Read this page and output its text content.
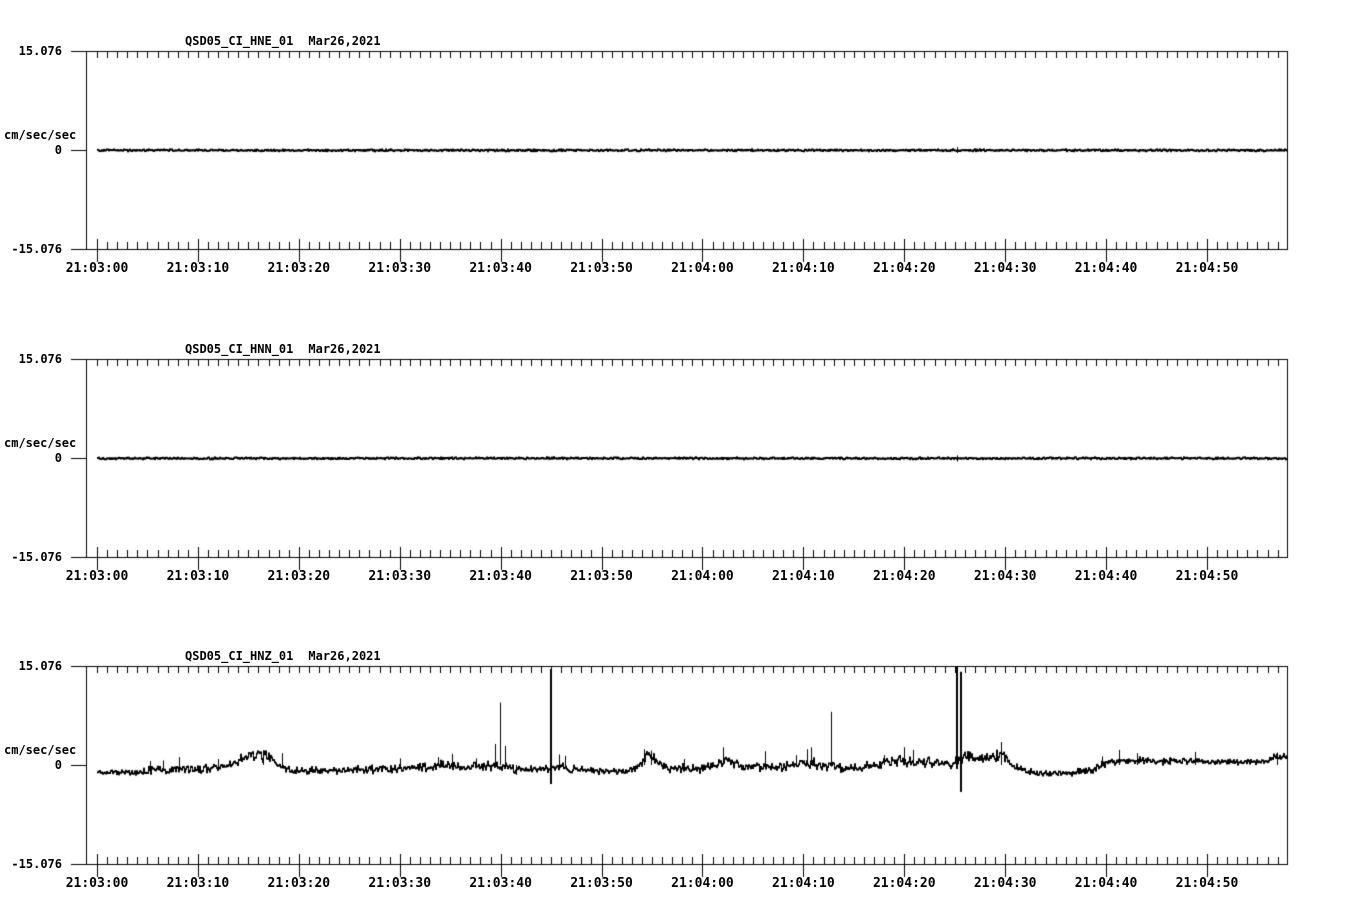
QSD05_CI_HNE_01 Mar26,2021
15.076
cm/sec/sec
0
-15.076
21:03:00	21:03:10	21:03:20	21:03:30	21:03:40	21:03:50	21:04:00	21:04:10	21:04:20	21:04:30	21:04:40	21:04:50
QSD05_CI_HNN_01 Mar26,2021
15.076
cm/sec/sec
0
-15.076
21:03:00	21:03:10	21:03:20	21:03:30	21:03:40	21:03:50	21:04:00	21:04:10	21:04:20	21:04:30	21:04:40	21:04:50
QSD05_CI_HNZ_01 Mar26,2021
15.076
cm/sec/sec
0
-15.076
21:03:00	21:03:10	21:03:20	21:03:30	21:03:40	21:03:50	21:04:00	21:04:10	21:04:20	21:04:30	21:04:40	21:04:50
